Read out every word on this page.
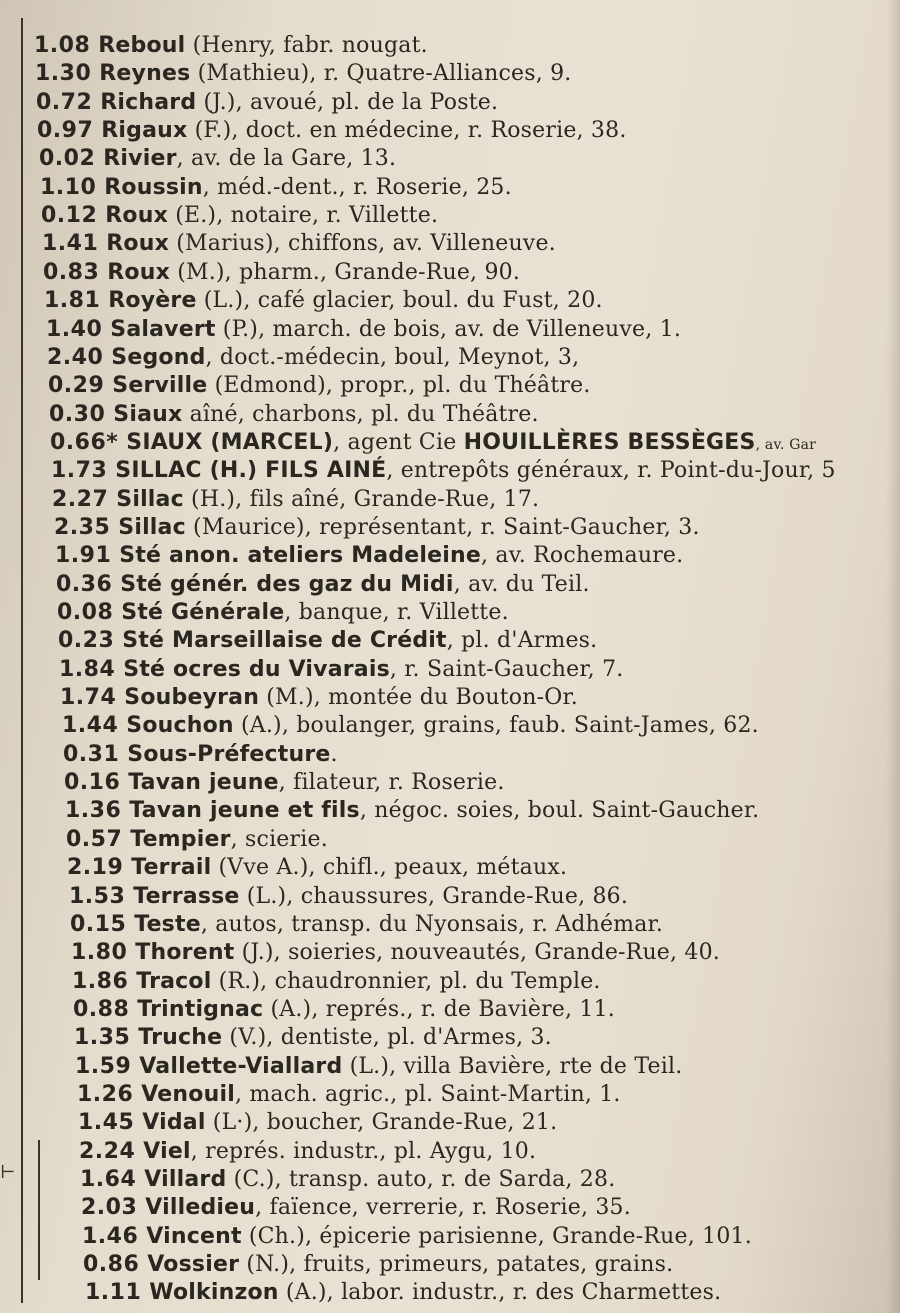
⊢
1.08 Reboul (Henry, fabr. nougat.
1.30 Reynes (Mathieu), r. Quatre-Alliances, 9.
0.72 Richard (J.), avoué, pl. de la Poste.
0.97 Rigaux (F.), doct. en médecine, r. Roserie, 38.
0.02 Rivier, av. de la Gare, 13.
1.10 Roussin, méd.-dent., r. Roserie, 25.
0.12 Roux (E.), notaire, r. Villette.
1.41 Roux (Marius), chiffons, av. Villeneuve.
0.83 Roux (M.), pharm., Grande-Rue, 90.
1.81 Royère (L.), café glacier, boul. du Fust, 20.
1.40 Salavert (P.), march. de bois, av. de Villeneuve, 1.
2.40 Segond, doct.-médecin, boul, Meynot, 3,
0.29 Serville (Edmond), propr., pl. du Théâtre.
0.30 Siaux aîné, charbons, pl. du Théâtre.
0.66* SIAUX (MARCEL), agent Cie HOUILLÈRES BESSÈGES, av. Gar
1.73 SILLAC (H.) FILS AINÉ, entrepôts généraux, r. Point-du-Jour, 5
2.27 Sillac (H.), fils aîné, Grande-Rue, 17.
2.35 Sillac (Maurice), représentant, r. Saint-Gaucher, 3.
1.91 Sté anon. ateliers Madeleine, av. Rochemaure.
0.36 Sté génér. des gaz du Midi, av. du Teil.
0.08 Sté Générale, banque, r. Villette.
0.23 Sté Marseillaise de Crédit, pl. d'Armes.
1.84 Sté ocres du Vivarais, r. Saint-Gaucher, 7.
1.74 Soubeyran (M.), montée du Bouton-Or.
1.44 Souchon (A.), boulanger, grains, faub. Saint-James, 62.
0.31 Sous-Préfecture.
0.16 Tavan jeune, filateur, r. Roserie.
1.36 Tavan jeune et fils, négoc. soies, boul. Saint-Gaucher.
0.57 Tempier, scierie.
2.19 Terrail (Vve A.), chifl., peaux, métaux.
1.53 Terrasse (L.), chaussures, Grande-Rue, 86.
0.15 Teste, autos, transp. du Nyonsais, r. Adhémar.
1.80 Thorent (J.), soieries, nouveautés, Grande-Rue, 40.
1.86 Tracol (R.), chaudronnier, pl. du Temple.
0.88 Trintignac (A.), représ., r. de Bavière, 11.
1.35 Truche (V.), dentiste, pl. d'Armes, 3.
1.59 Vallette-Viallard (L.), villa Bavière, rte de Teil.
1.26 Venouil, mach. agric., pl. Saint-Martin, 1.
1.45 Vidal (L·), boucher, Grande-Rue, 21.
2.24 Viel, représ. industr., pl. Aygu, 10.
1.64 Villard (C.), transp. auto, r. de Sarda, 28.
2.03 Villedieu, faïence, verrerie, r. Roserie, 35.
1.46 Vincent (Ch.), épicerie parisienne, Grande-Rue, 101.
0.86 Vossier (N.), fruits, primeurs, patates, grains.
1.11 Wolkinzon (A.), labor. industr., r. des Charmettes.
